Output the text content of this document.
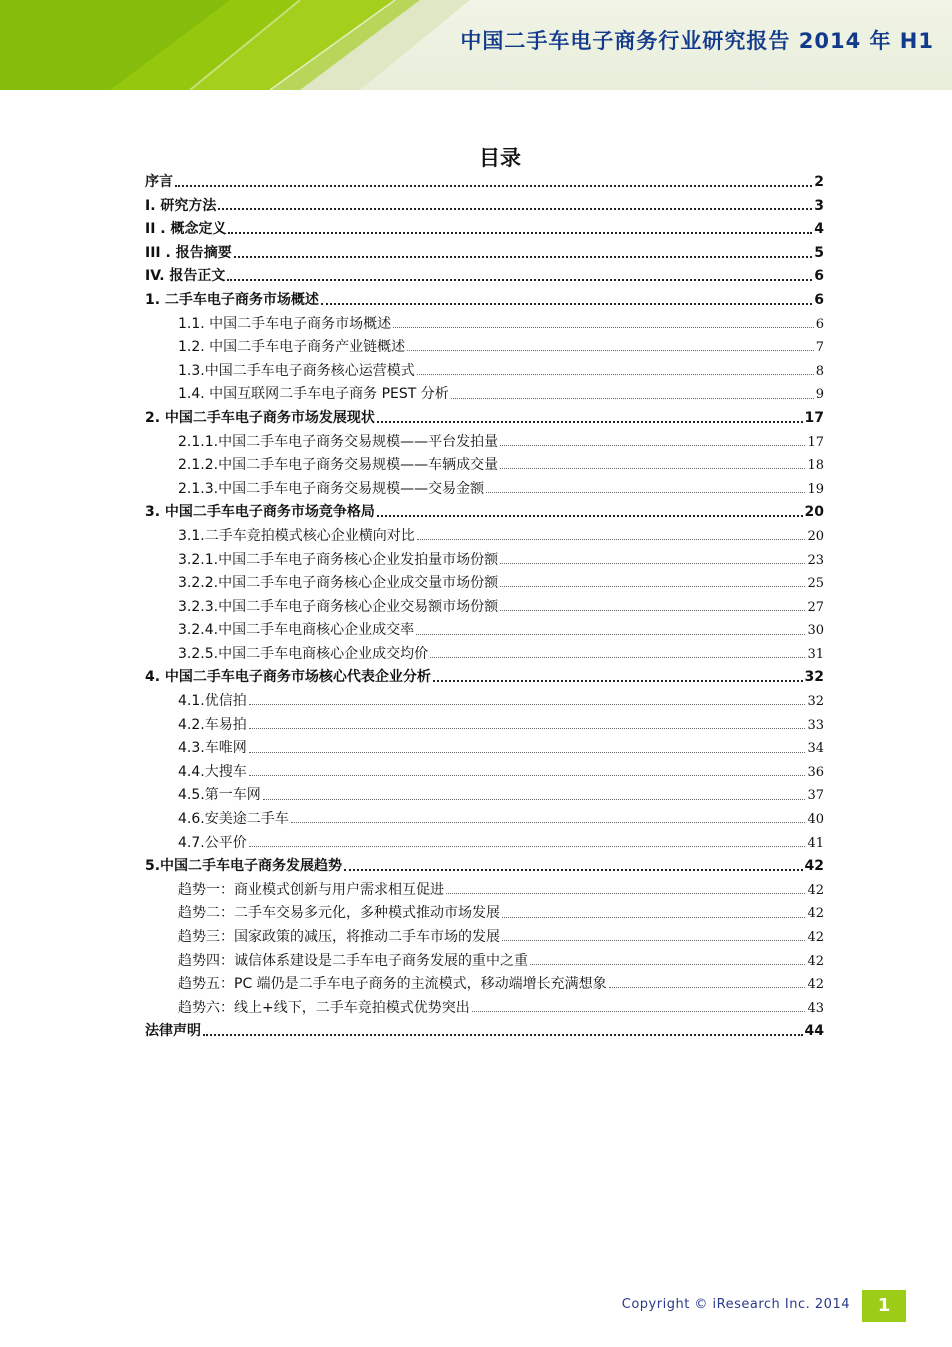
中国二手车电子商务行业研究报告 2014 年 H1
目录
序言	2
I. 研究方法	3
II . 概念定义	4
III . 报告摘要	5
IV. 报告正文	6
1. 二手车电子商务市场概述	6
1.1. 中国二手车电子商务市场概述	6
1.2. 中国二手车电子商务产业链概述	7
1.3.中国二手车电子商务核心运营模式	8
1.4. 中国互联网二手车电子商务 PEST 分析	9
2. 中国二手车电子商务市场发展现状	17
2.1.1.中国二手车电子商务交易规模——平台发拍量	17
2.1.2.中国二手车电子商务交易规模——车辆成交量	18
2.1.3.中国二手车电子商务交易规模——交易金额	19
3. 中国二手车电子商务市场竞争格局	20
3.1.二手车竞拍模式核心企业横向对比	20
3.2.1.中国二手车电子商务核心企业发拍量市场份额	23
3.2.2.中国二手车电子商务核心企业成交量市场份额	25
3.2.3.中国二手车电子商务核心企业交易额市场份额	27
3.2.4.中国二手车电商核心企业成交率	30
3.2.5.中国二手车电商核心企业成交均价	31
4. 中国二手车电子商务市场核心代表企业分析	32
4.1.优信拍	32
4.2.车易拍	33
4.3.车唯网	34
4.4.大搜车	36
4.5.第一车网	37
4.6.安美途二手车	40
4.7.公平价	41
5.中国二手车电子商务发展趋势	42
趋势一：商业模式创新与用户需求相互促进	42
趋势二：二手车交易多元化，多种模式推动市场发展	42
趋势三：国家政策的减压，将推动二手车市场的发展	42
趋势四：诚信体系建设是二手车电子商务发展的重中之重	42
趋势五：PC 端仍是二手车电子商务的主流模式，移动端增长充满想象	42
趋势六：线上+线下，二手车竞拍模式优势突出	43
法律声明	44
Copyright © iResearch Inc. 2014	1
